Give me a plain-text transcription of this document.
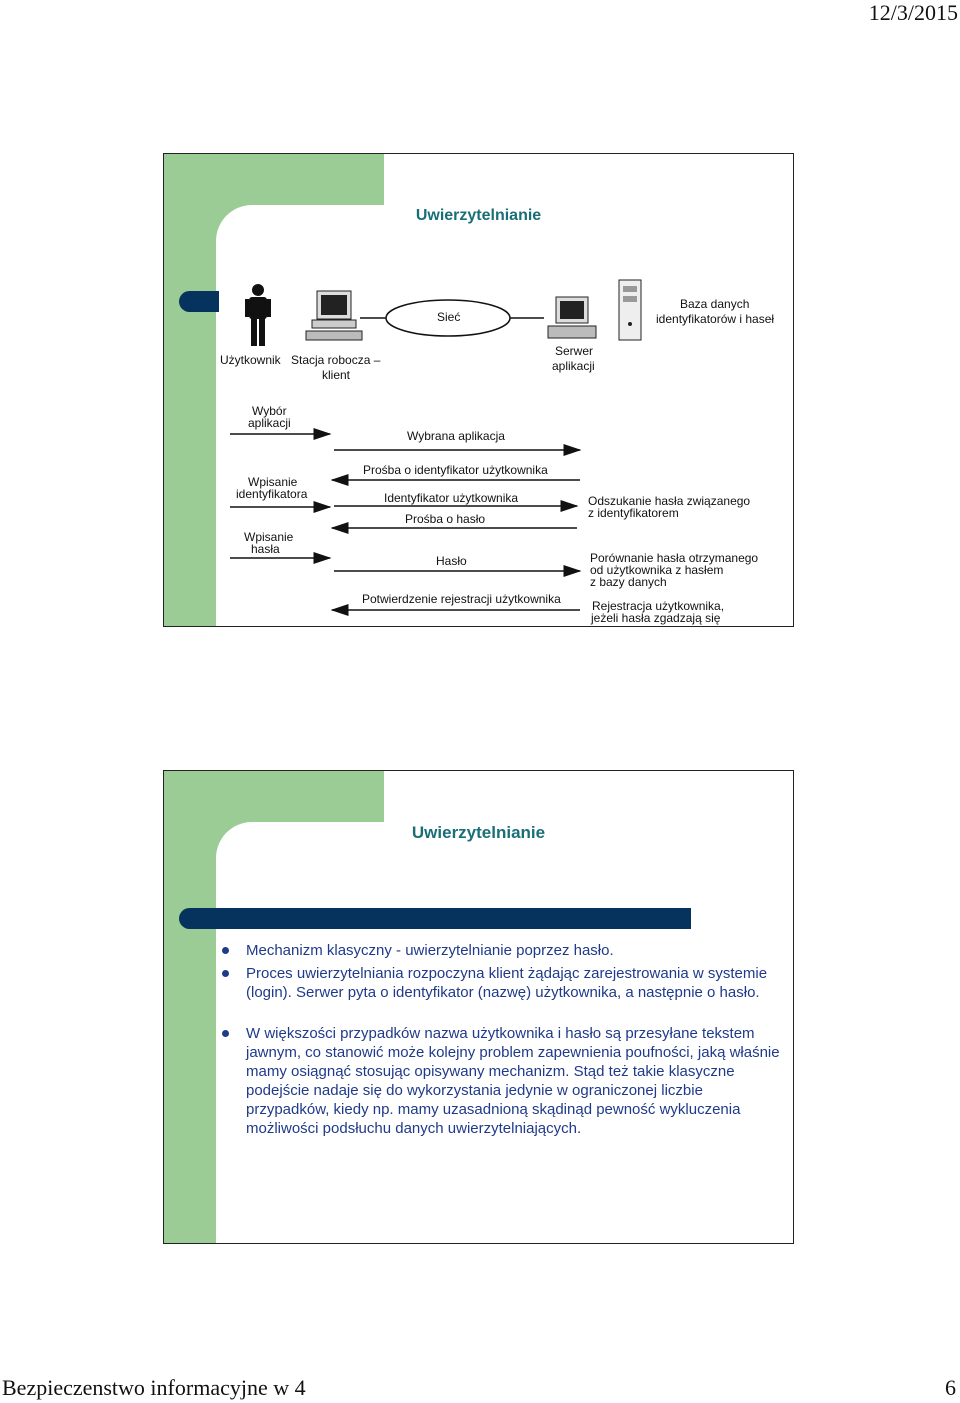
12/3/2015
Uwierzytelnianie
Użytkownik Stacja robocza –
klient
Sieć
Serwer
aplikacji
Baza danych
identyfikatorów i haseł
Wybór
aplikacji
Wpisanie
identyfikatora
Wpisanie
hasła
Wybrana aplikacja
Prośba o identyfikator użytkownika
Identyfikator użytkownika
Prośba o hasło
Hasło
Potwierdzenie rejestracji użytkownika
Odszukanie hasła związanego
z identyfikatorem
Porównanie hasła otrzymanego
od użytkownika z hasłem
z bazy danych
Rejestracja użytkownika,
jeżeli hasła zgadzają się
Uwierzytelnianie
Mechanizm klasyczny - uwierzytelnianie poprzez hasło.
Proces uwierzytelniania rozpoczyna klient żądając zarejestrowania w systemie (login). Serwer pyta o identyfikator (nazwę) użytkownika, a następnie o hasło.
W większości przypadków nazwa użytkownika i hasło są przesyłane tekstem jawnym, co stanowić może kolejny problem zapewnienia poufności, jaką właśnie mamy osiągnąć stosując opisywany mechanizm. Stąd też takie klasyczne podejście nadaje się do wykorzystania jedynie w ograniczonej liczbie przypadków, kiedy np. mamy uzasadnioną skądinąd pewność wykluczenia możliwości podsłuchu danych uwierzytelniających.
Bezpieczenstwo informacyjne w 4	6
